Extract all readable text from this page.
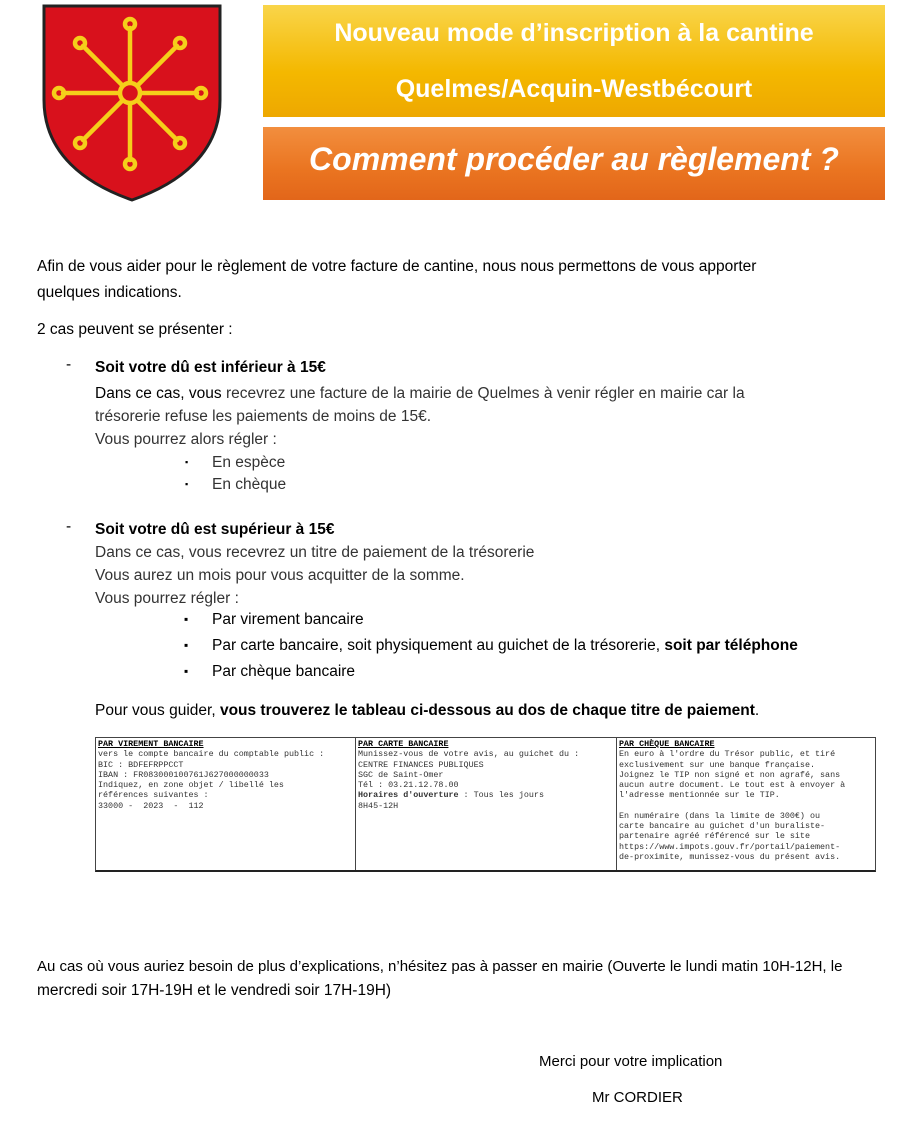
Nouveau mode d’inscription à la cantine
Quelmes/Acquin-Westbécourt
Comment procéder au règlement ?
Afin de vous aider pour le règlement de votre facture de cantine, nous nous permettons de vous apporter
quelques indications.
2 cas peuvent se présenter :
- Soit votre dû est inférieur à 15€
Dans ce cas, vous recevrez une facture de la mairie de Quelmes à venir régler en mairie car la
trésorerie refuse les paiements de moins de 15€.
Vous pourrez alors régler :
▪ En espèce
▪ En chèque
- Soit votre dû est supérieur à 15€
Dans ce cas, vous recevrez un titre de paiement de la trésorerie
Vous aurez un mois pour vous acquitter de la somme.
Vous pourrez régler :
▪ Par virement bancaire
▪ Par carte bancaire, soit physiquement au guichet de la trésorerie, soit par téléphone
▪ Par chèque bancaire
Pour vous guider, vous trouverez le tableau ci-dessous au dos de chaque titre de paiement.
PAR VIREMENT BANCAIRE
vers le compte bancaire du comptable public :
BIC : BDFEFRPPCCT
IBAN : FR083000100761J627000000033
Indiquez, en zone objet / libellé les
références suivantes :
33000 -  2023  -  112
PAR CARTE BANCAIRE
Munissez-vous de votre avis, au guichet du :
CENTRE FINANCES PUBLIQUES
SGC de Saint-Omer
Tél : 03.21.12.78.00
Horaires d'ouverture : Tous les jours
8H45-12H
PAR CHÈQUE BANCAIRE
En euro à l'ordre du Trésor public, et tiré
exclusivement sur une banque française.
Joignez le TIP non signé et non agrafé, sans
aucun autre document. Le tout est à envoyer à
l'adresse mentionnée sur le TIP.
En numéraire (dans la limite de 300€) ou
carte bancaire au guichet d'un buraliste-
partenaire agréé référencé sur le site
https://www.impots.gouv.fr/portail/paiement-
de-proximite, munissez-vous du présent avis.
Au cas où vous auriez besoin de plus d’explications, n’hésitez pas à passer en mairie (Ouverte le lundi matin 10H-12H, le
mercredi soir 17H-19H et le vendredi soir 17H-19H)
Merci pour votre implication
Mr CORDIER
